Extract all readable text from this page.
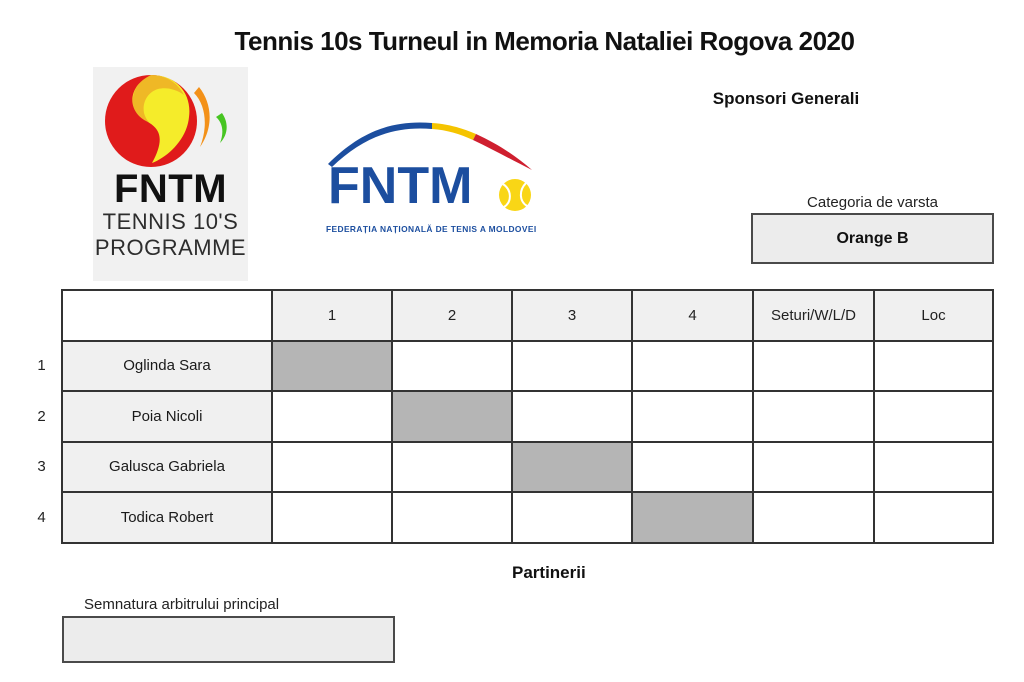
Tennis 10s Turneul in Memoria Nataliei Rogova 2020
FNTM
TENNIS 10'S
PROGRAMME
FNTM
FEDERAȚIA NAȚIONALĂ DE TENIS A MOLDOVEI
Sponsori Generali
Categoria de varsta
Orange B
		1	2	3	4	Seturi/W/L/D	Loc
1	Oglinda Sara						
2	Poia Nicoli						
3	Galusca Gabriela						
4	Todica Robert						
Partinerii
Semnatura arbitrului principal
